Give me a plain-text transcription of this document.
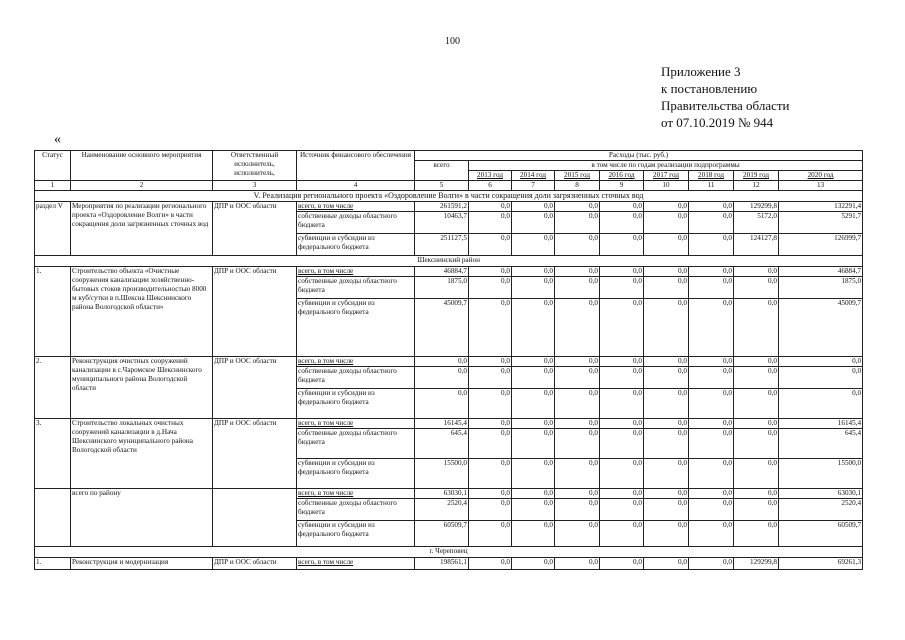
100
Приложение 3
к постановлению
Правительства области
от 07.10.2019 № 944
«
Статус	Наименование основного мероприятия	Ответственный исполнитель, исполнитель,	Источник финансового обеспечения	Расходы (тыс. руб.)								
				всего	в том числе по годам реализации подпрограммы							
					2013 год	2014 год	2015 год	2016 год	2017 год	2018 год	2019 год	2020 год
1	2	3	4	5	6	7	8	9	10	11	12	13
V. Реализация регионального проекта «Оздоровление Волги» в части сокращения доли загрязненных сточных вод												
раздел V	Мероприятия по реализации регионального проекта «Оздоровление Волги» в части сокращения доли загрязненных сточных вод	ДПР и ООС области	всего, в том числе	261591,2	0,0	0,0	0,0	0,0	0,0	0,0	129299,8	132291,4
			собственные доходы областного бюджета	10463,7	0,0	0,0	0,0	0,0	0,0	0,0	5172,0	5291,7
			субвенции и субсидии из федерального бюджета	251127,5	0,0	0,0	0,0	0,0	0,0	0,0	124127,8	126999,7
Шекснинский район												
1.	Строительство объекта «Очистные сооружения канализации хозяйственно-бытовых стоков производительностью 8000 м куб/сутки в п.Шексна Шекснинского района Вологодской области»	ДПР и ООС области	всего, в том числе	46884,7	0,0	0,0	0,0	0,0	0,0	0,0	0,0	46884,7
			собственные доходы областного бюджета	1875,0	0,0	0,0	0,0	0,0	0,0	0,0	0,0	1875,0
			субвенции и субсидии из федерального бюджета	45009,7	0,0	0,0	0,0	0,0	0,0	0,0	0,0	45009,7
2.	Реконструкция очистных сооружений канализации в с.Чаромское Шекснинского муниципального района Вологодской области	ДПР и ООС области	всего, в том числе	0,0	0,0	0,0	0,0	0,0	0,0	0,0	0,0	0,0
			собственные доходы областного бюджета	0,0	0,0	0,0	0,0	0,0	0,0	0,0	0,0	0,0
			субвенции и субсидии из федерального бюджета	0,0	0,0	0,0	0,0	0,0	0,0	0,0	0,0	0,0
3.	Строительство локальных очистных сооружений канализации в д.Нача Шекснинского муниципального района Вологодской области	ДПР и ООС области	всего, в том числе	16145,4	0,0	0,0	0,0	0,0	0,0	0,0	0,0	16145,4
			собственные доходы областного бюджета	645,4	0,0	0,0	0,0	0,0	0,0	0,0	0,0	645,4
			субвенции и субсидии из федерального бюджета	15500,0	0,0	0,0	0,0	0,0	0,0	0,0	0,0	15500,0
	всего по району		всего, в том числе	63030,1	0,0	0,0	0,0	0,0	0,0	0,0	0,0	63030,1
			собственные доходы областного бюджета	2520,4	0,0	0,0	0,0	0,0	0,0	0,0	0,0	2520,4
			субвенции и субсидии из федерального бюджета	60509,7	0,0	0,0	0,0	0,0	0,0	0,0	0,0	60509,7
г. Череповец												
1.	Реконструкция и модернизация	ДПР и ООС области	всего, в том числе	198561,1	0,0	0,0	0,0	0,0	0,0	0,0	129299,8	69261,3
